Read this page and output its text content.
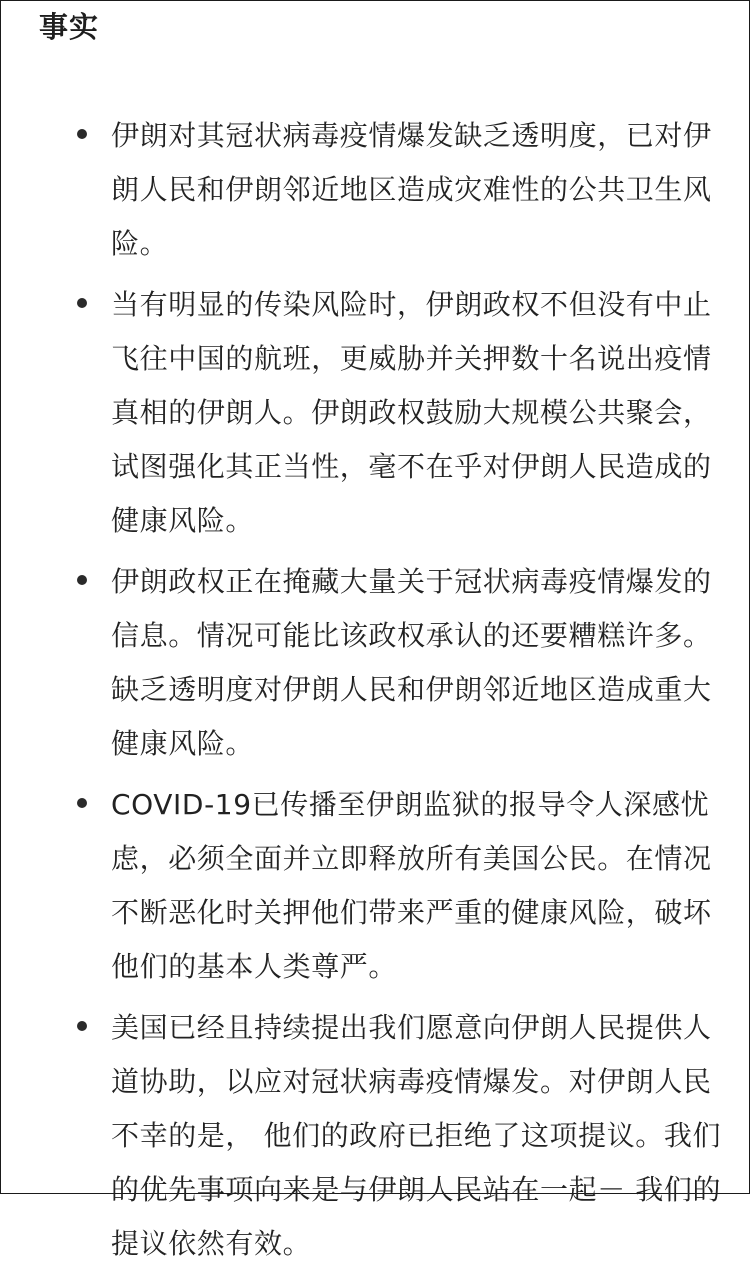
事实
伊朗对其冠状病毒疫情爆发缺乏透明度，已对伊朗人民和伊朗邻近地区造成灾难性的公共卫生风险。
当有明显的传染风险时，伊朗政权不但没有中止飞往中国的航班，更威胁并关押数十名说出疫情真相的伊朗人。伊朗政权鼓励大规模公共聚会，试图强化其正当性，毫不在乎对伊朗人民造成的健康风险。
伊朗政权正在掩藏大量关于冠状病毒疫情爆发的信息。情况可能比该政权承认的还要糟糕许多。缺乏透明度对伊朗人民和伊朗邻近地区造成重大健康风险。
COVID-19已传播至伊朗监狱的报导令人深感忧虑，必须全面并立即释放所有美国公民。在情况不断恶化时关押他们带来严重的健康风险，破坏他们的基本人类尊严。
美国已经且持续提出我们愿意向伊朗人民提供人道协助，以应对冠状病毒疫情爆发。对伊朗人民不幸的是， 他们的政府已拒绝了这项提议。我们的优先事项向来是与伊朗人民站在一起－ 我们的提议依然有效。
